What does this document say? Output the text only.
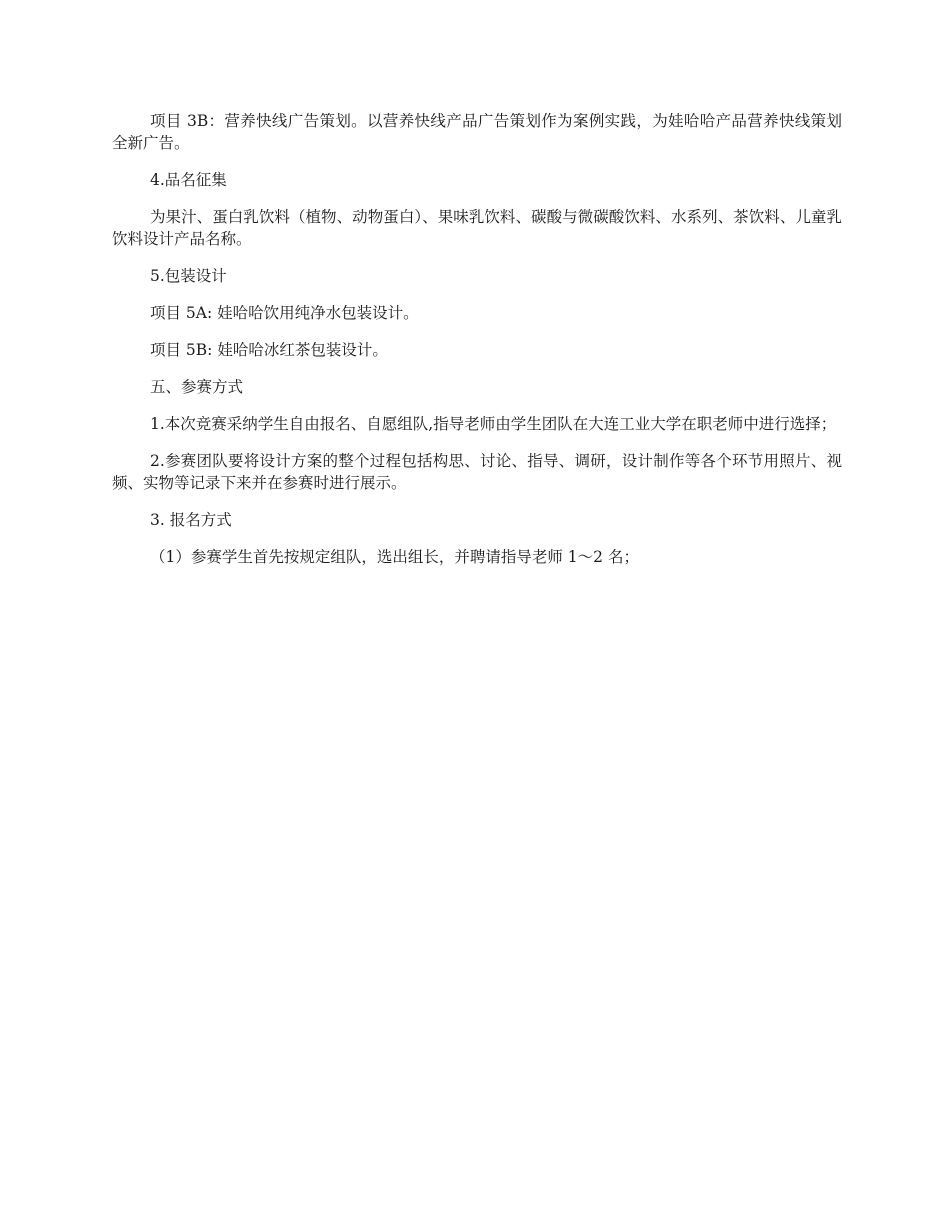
项目 3B：营养快线广告策划。以营养快线产品广告策划作为案例实践，为娃哈哈产品营养快线策划全新广告。

4.品名征集

为果汁、蛋白乳饮料（植物、动物蛋白）、果味乳饮料、碳酸与微碳酸饮料、水系列、茶饮料、儿童乳饮料设计产品名称。

5.包装设计

项目 5A: 娃哈哈饮用纯净水包装设计。

项目 5B: 娃哈哈冰红茶包装设计。

五、参赛方式

1.本次竞赛采纳学生自由报名、自愿组队,指导老师由学生团队在大连工业大学在职老师中进行选择；

2.参赛团队要将设计方案的整个过程包括构思、讨论、指导、调研，设计制作等各个环节用照片、视频、实物等记录下来并在参赛时进行展示。

3. 报名方式

（1）参赛学生首先按规定组队，选出组长，并聘请指导老师 1～2 名；
